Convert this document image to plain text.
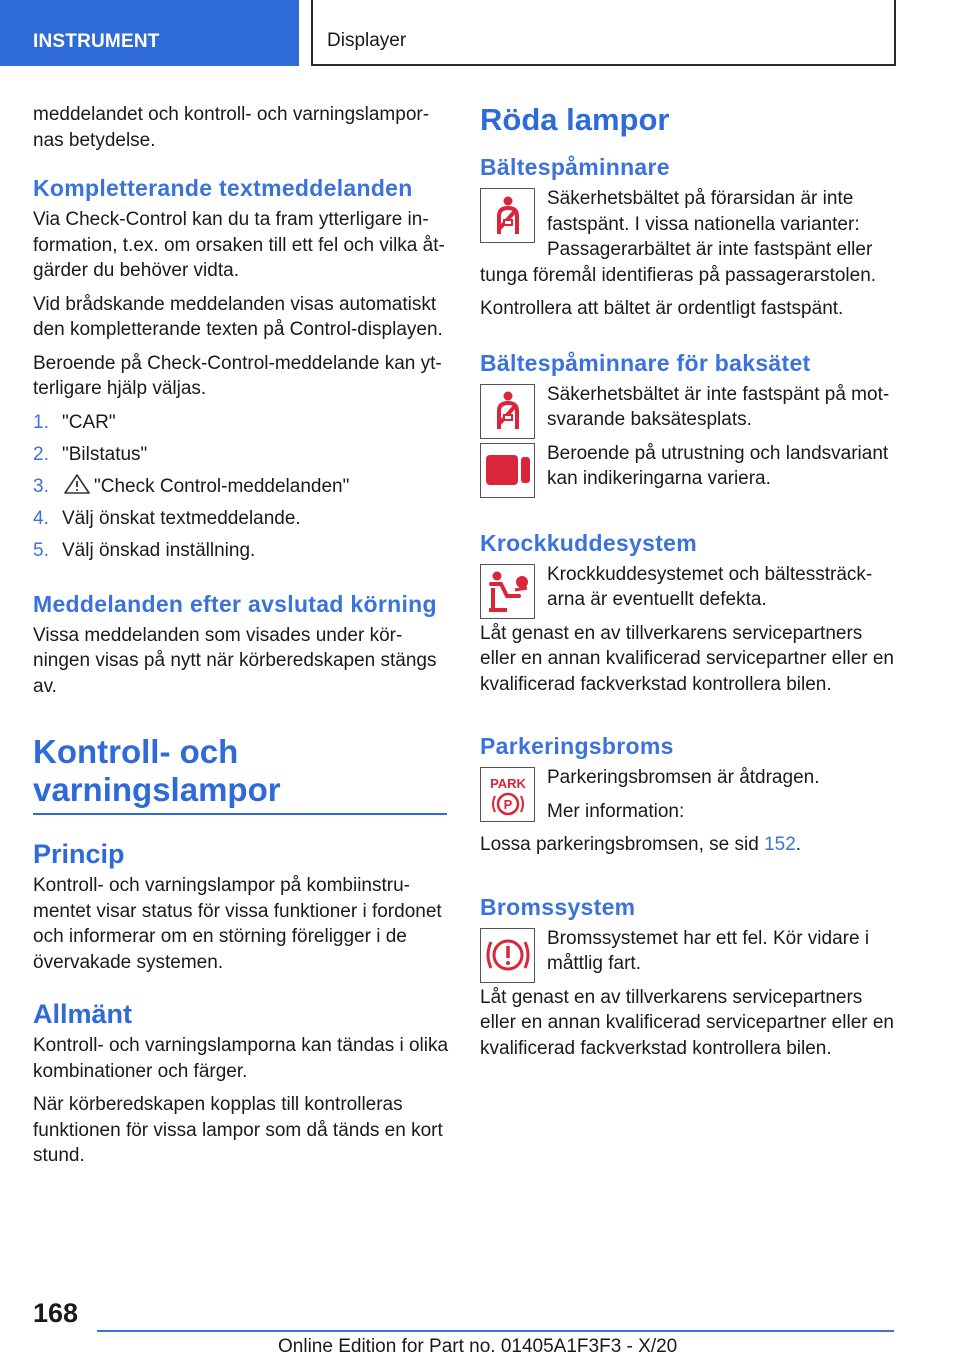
INSTRUMENT	Displayer

meddelandet och kontroll- och varningslampornas betydelse.

Kompletterande textmeddelanden

Via Check-Control kan du ta fram ytterligare information, t.ex. om orsaken till ett fel och vilka åtgärder du behöver vidta.

Vid brådskande meddelanden visas automatiskt den kompletterande texten på Control-displayen.

Beroende på Check-Control-meddelande kan ytterligare hjälp väljas.

1. "CAR"
2. "Bilstatus"
3.	"Check Control-meddelanden"
4. Välj önskat textmeddelande.
5. Välj önskad inställning.
Meddelanden efter avslutad körning

Vissa meddelanden som visades under körningen visas på nytt när körberedskapen stängs av.

Kontroll- och varningslampor
Princip

Kontroll- och varningslampor på kombiinstrumentet visar status för vissa funktioner i fordonet och informerar om en störning föreligger i de övervakade systemen.

Allmänt

Kontroll- och varningslamporna kan tändas i olika kombinationer och färger.

När körberedskapen kopplas till kontrolleras funktionen för vissa lampor som då tänds en kort stund.

Röda lampor
Bältespåminnare

Säkerhetsbältet på förarsidan är inte fastspänt. I vissa nationella varianter: Passagerarbältet är inte fastspänt eller tunga föremål identifieras på passagerarstolen.

Kontrollera att bältet är ordentligt fastspänt.

Bältespåminnare för baksätet

Säkerhetsbältet är inte fastspänt på motsvarande baksätesplats.

Beroende på utrustning och landsvariant kan indikeringarna variera.

Krockkuddesystem

Krockkuddesystemet och bältessträckarna är eventuellt defekta.

Låt genast en av tillverkarens servicepartners eller en annan kvalificerad servicepartner eller en kvalificerad fackverkstad kontrollera bilen.

Parkeringsbroms
PARK
P

Parkeringsbromsen är åtdragen.

Mer information:

Lossa parkeringsbromsen, se sid 152.

Bromssystem

Bromssystemet har ett fel. Kör vidare i måttlig fart.

Låt genast en av tillverkarens servicepartners eller en annan kvalificerad servicepartner eller en kvalificerad fackverkstad kontrollera bilen.

168
Online Edition for Part no. 01405A1F3F3 - X/20
